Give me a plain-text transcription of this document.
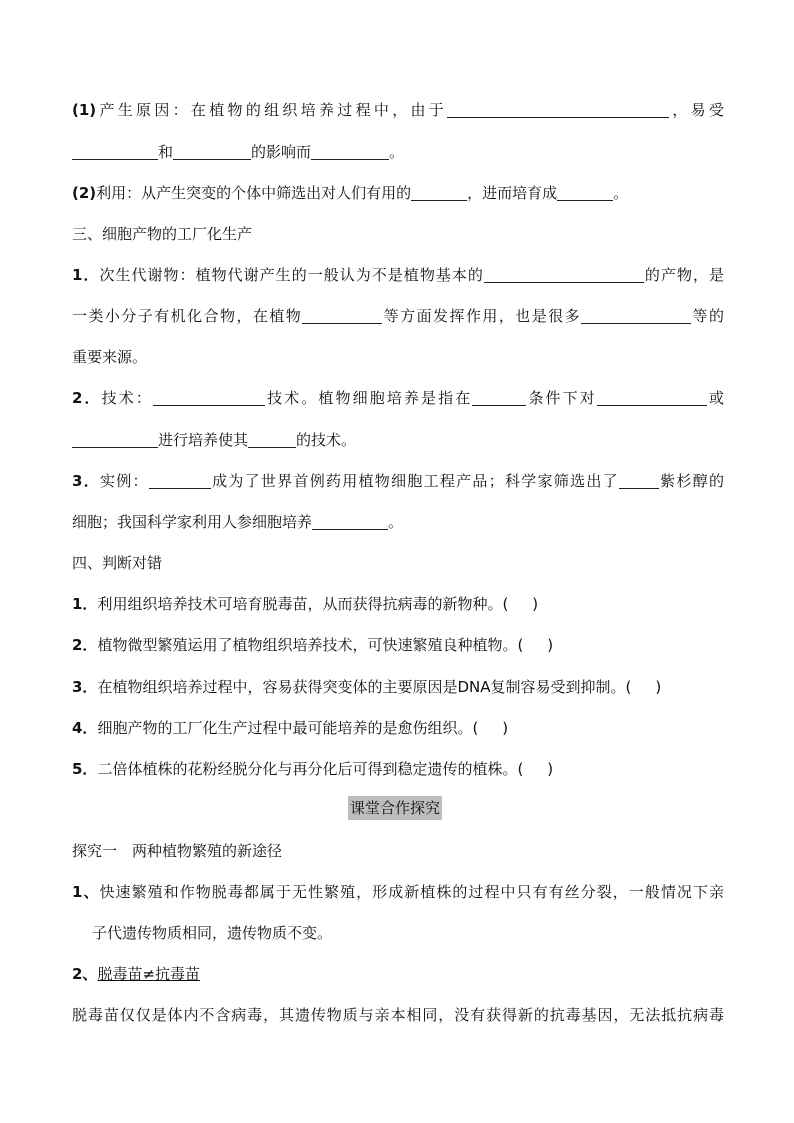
(1)产生原因：在植物的组织培养过程中，由于	，易受
和	的影响而	。
(2)利用：从产生突变的个体中筛选出对人们有用的	，进而培育成	。
三、细胞产物的工厂化生产
1．次生代谢物：植物代谢产生的一般认为不是植物基本的	的产物，是
一类小分子有机化合物，在植物	等方面发挥作用，也是很多	等的
重要来源。
2．技术：	技术。植物细胞培养是指在	条件下对	或
进行培养使其	的技术。
3．实例：	成为了世界首例药用植物细胞工程产品；科学家筛选出了	紫杉醇的
细胞；我国科学家利用人参细胞培养	。
四、判断对错
1．利用组织培养技术可培育脱毒苗，从而获得抗病毒的新物种。( )
2．植物微型繁殖运用了植物组织培养技术，可快速繁殖良种植物。( )
3．在植物组织培养过程中，容易获得突变体的主要原因是DNA复制容易受到抑制。( )
4．细胞产物的工厂化生产过程中最可能培养的是愈伤组织。( )
5．二倍体植株的花粉经脱分化与再分化后可得到稳定遗传的植株。( )
课堂合作探究
探究一　两种植物繁殖的新途径
1、快速繁殖和作物脱毒都属于无性繁殖，形成新植株的过程中只有有丝分裂，一般情况下亲
子代遗传物质相同，遗传物质不变。
2、脱毒苗≠抗毒苗
脱毒苗仅仅是体内不含病毒，其遗传物质与亲本相同，没有获得新的抗毒基因，无法抵抗病毒
